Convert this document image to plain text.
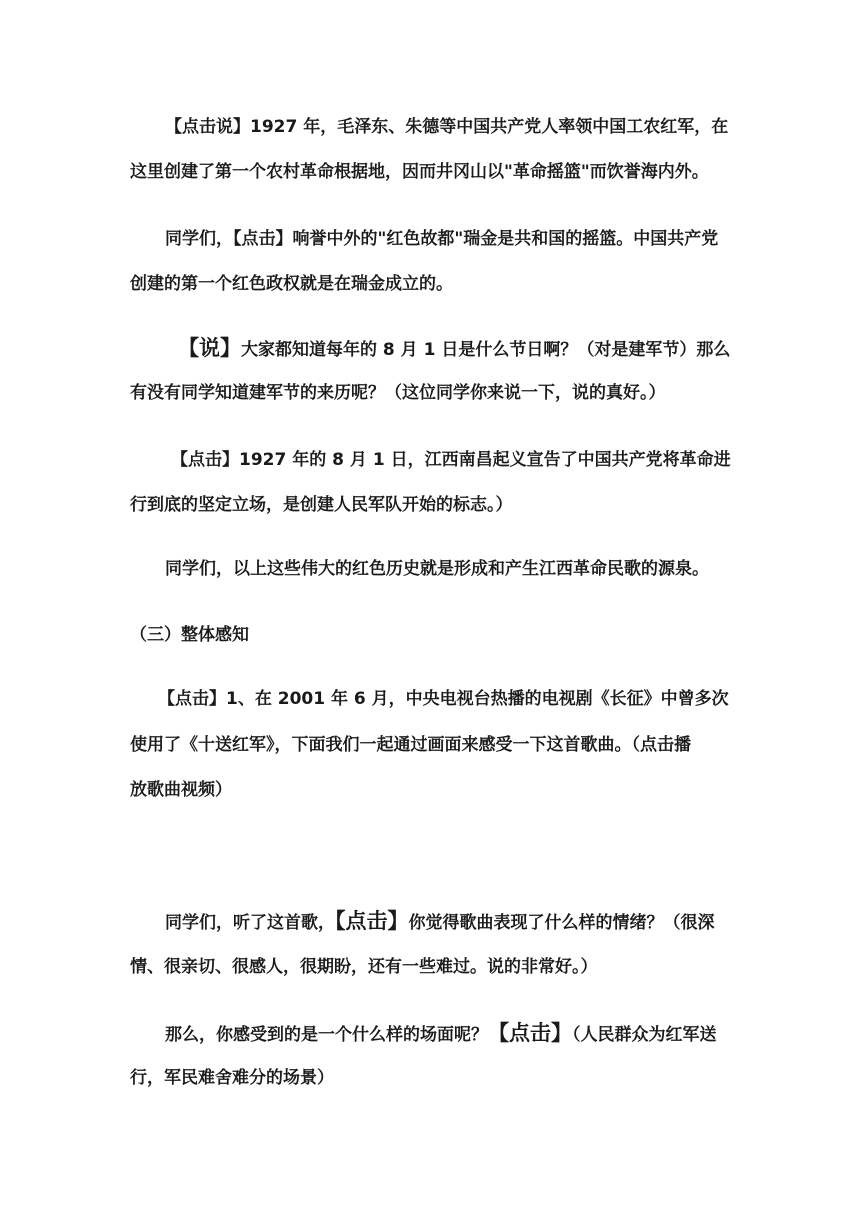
【点击说】1927 年，毛泽东、朱德等中国共产党人率领中国工农红军，在
这里创建了第一个农村革命根据地，因而井冈山以"革命摇篮"而饮誉海内外。
同学们，【点击】响誉中外的"红色故都"瑞金是共和国的摇篮。中国共产党
创建的第一个红色政权就是在瑞金成立的。
【说】大家都知道每年的 8 月 1 日是什么节日啊？（对是建军节）那么
有没有同学知道建军节的来历呢？（这位同学你来说一下，说的真好。）
【点击】1927 年的 8 月 1 日，江西南昌起义宣告了中国共产党将革命进
行到底的坚定立场，是创建人民军队开始的标志。）
同学们，以上这些伟大的红色历史就是形成和产生江西革命民歌的源泉。
（三）整体感知
【点击】1、在 2001 年 6 月，中央电视台热播的电视剧《长征》中曾多次
使用了《十送红军》，下面我们一起通过画面来感受一下这首歌曲。（点击播
放歌曲视频）
同学们，听了这首歌，【点击】你觉得歌曲表现了什么样的情绪？（很深
情、很亲切、很感人，很期盼，还有一些难过。说的非常好。）
那么，你感受到的是一个什么样的场面呢？【点击】（人民群众为红军送
行，军民难舍难分的场景）
